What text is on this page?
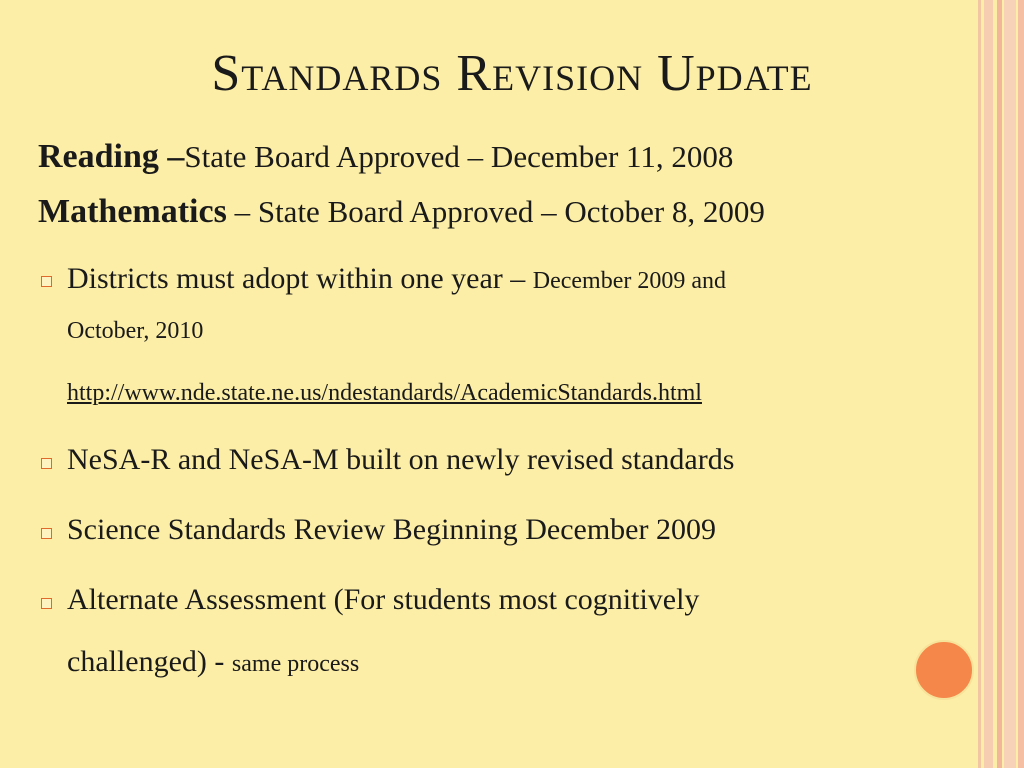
Standards Revision Update
Reading –State Board Approved – December 11, 2008
Mathematics – State Board Approved – October 8, 2009
Districts must adopt within one year – December 2009 and
October, 2010
http://www.nde.state.ne.us/ndestandards/AcademicStandards.html
NeSA-R and NeSA-M built on newly revised standards
Science Standards Review Beginning December 2009
Alternate Assessment (For students most cognitively
challenged) - same process
